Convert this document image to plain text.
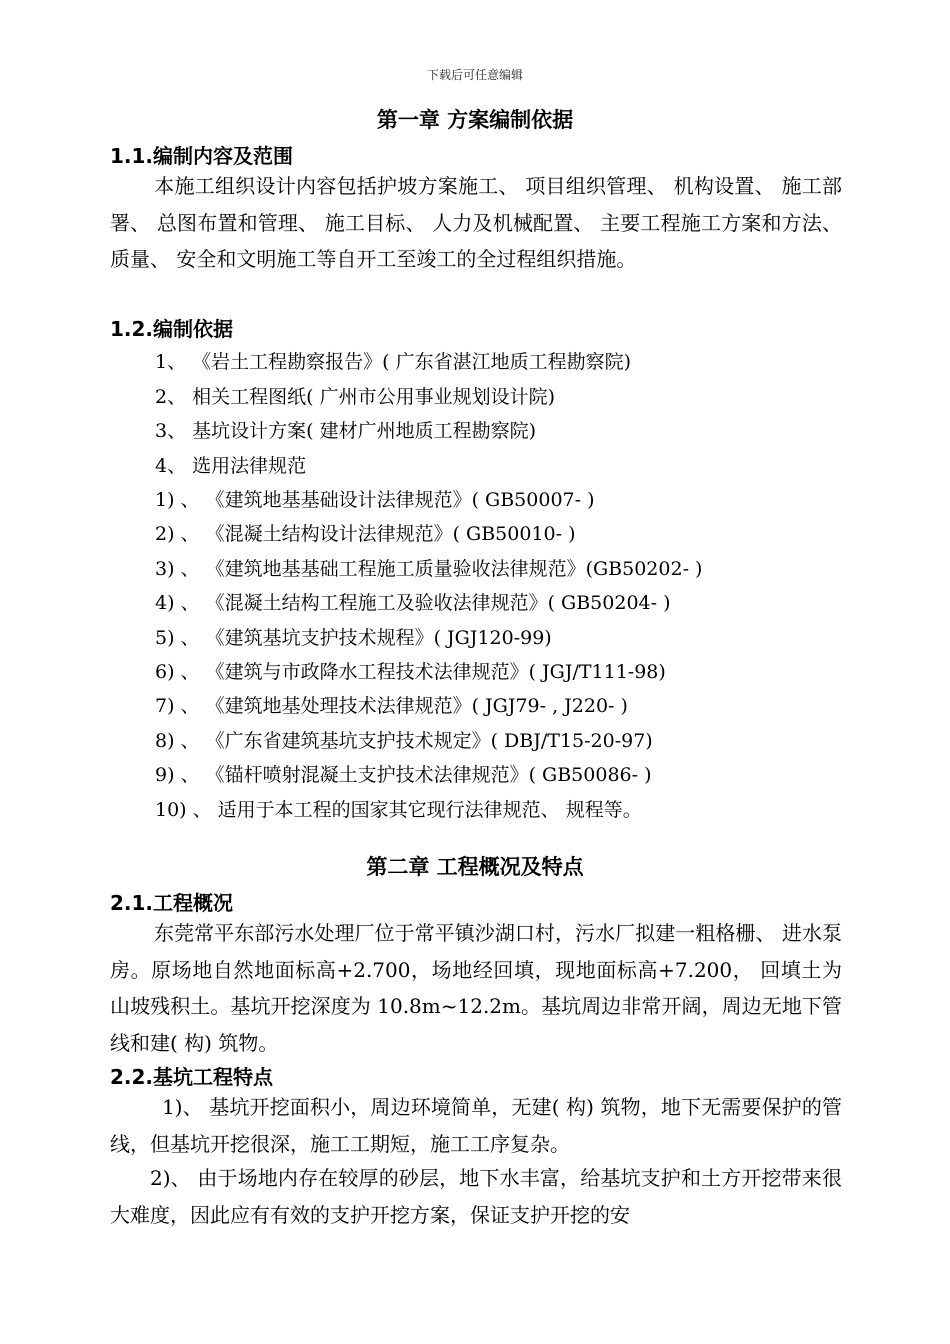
下载后可任意编辑
第一章 方案编制依据
1.1.编制内容及范围
本施工组织设计内容包括护坡方案施工、 项目组织管理、 机构设置、 施工部署、 总图布置和管理、 施工目标、 人力及机械配置、 主要工程施工方案和方法、 质量、 安全和文明施工等自开工至竣工的全过程组织措施。
1.2.编制依据
1、 《岩土工程勘察报告》( 广东省湛江地质工程勘察院)
2、 相关工程图纸( 广州市公用事业规划设计院)
3、 基坑设计方案( 建材广州地质工程勘察院)
4、 选用法律规范
1) 、 《建筑地基基础设计法律规范》( GB50007- )
2) 、 《混凝土结构设计法律规范》( GB50010- )
3) 、 《建筑地基基础工程施工质量验收法律规范》(GB50202- )
4) 、 《混凝土结构工程施工及验收法律规范》( GB50204- )
5) 、 《建筑基坑支护技术规程》( JGJ120-99)
6) 、 《建筑与市政降水工程技术法律规范》( JGJ/T111-98)
7) 、 《建筑地基处理技术法律规范》( JGJ79- , J220- )
8) 、 《广东省建筑基坑支护技术规定》( DBJ/T15-20-97)
9) 、 《锚杆喷射混凝土支护技术法律规范》( GB50086- )
10) 、 适用于本工程的国家其它现行法律规范、 规程等。
第二章 工程概况及特点
2.1.工程概况
东莞常平东部污水处理厂位于常平镇沙湖口村，污水厂拟建一粗格栅、 进水泵房。原场地自然地面标高+2.700，场地经回填，现地面标高+7.200， 回填土为山坡残积土。基坑开挖深度为 10.8m~12.2m。基坑周边非常开阔，周边无地下管线和建( 构) 筑物。
2.2.基坑工程特点
1)、 基坑开挖面积小，周边环境简单，无建( 构) 筑物，地下无需要保护的管线，但基坑开挖很深，施工工期短，施工工序复杂。
2)、 由于场地内存在较厚的砂层，地下水丰富，给基坑支护和土方开挖带来很大难度，因此应有有效的支护开挖方案，保证支护开挖的安
